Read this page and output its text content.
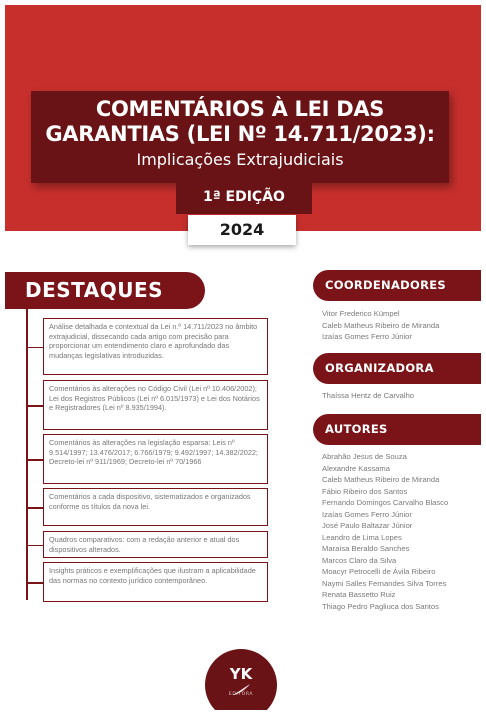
COMENTÁRIOS À LEI DAS
GARANTIAS (LEI Nº 14.711/2023):
Implicações Extrajudiciais
1ª EDIÇÃO
2024
DESTAQUES
Análise detalhada e contextual da Lei n.º 14.711/2023 no âmbito extrajudicial, dissecando cada artigo com precisão para proporcionar um entendimento claro e aprofundado das mudanças legislativas introduzidas.
Comentários às alterações no Código Civil (Lei nº 10.406/2002); Lei dos Registros Públicos (Lei nº 6.015/1973) e Lei dos Notários e Registradores (Lei nº 8.935/1994).
Comentários às alterações na legislação esparsa: Leis nº 9.514/1997; 13.476/2017; 6.766/1979; 9.492/1997; 14.382/2022; Decreto-lei nº 911/1969; Decreto-lei nº 70/1966
Comentários a cada dispositivo, sistematizados e organizados conforme os títulos da nova lei.
Quadros comparativos: com a redação anterior e atual dos dispositivos alterados.
Insights práticos e exemplificações que ilustram a aplicabilidade das normas no contexto jurídico contemporâneo.
COORDENADORES
Vitor Frederico Kümpel
Caleb Matheus Ribeiro de Miranda
Izaías Gomes Ferro Júnior
ORGANIZADORA
Thaíssa Hentz de Carvalho
AUTORES
Abrahão Jesus de Souza
Alexandre Kassama
Caleb Matheus Ribeiro de Miranda
Fábio Ribeiro dos Santos
Fernando Domingos Carvalho Blasco
Izaías Gomes Ferro Júnior
José Paulo Baltazar Júnior
Leandro de Lima Lopes
Maraísa Beraldo Sanches
Marcos Claro da Silva
Moacyr Petrocelli de Ávila Ribeiro
Naymi Salles Fernandes Silva Torres
Renata Bassetto Ruiz
Thiago Pedro Pagliuca dos Santos
YK
EDITORA
